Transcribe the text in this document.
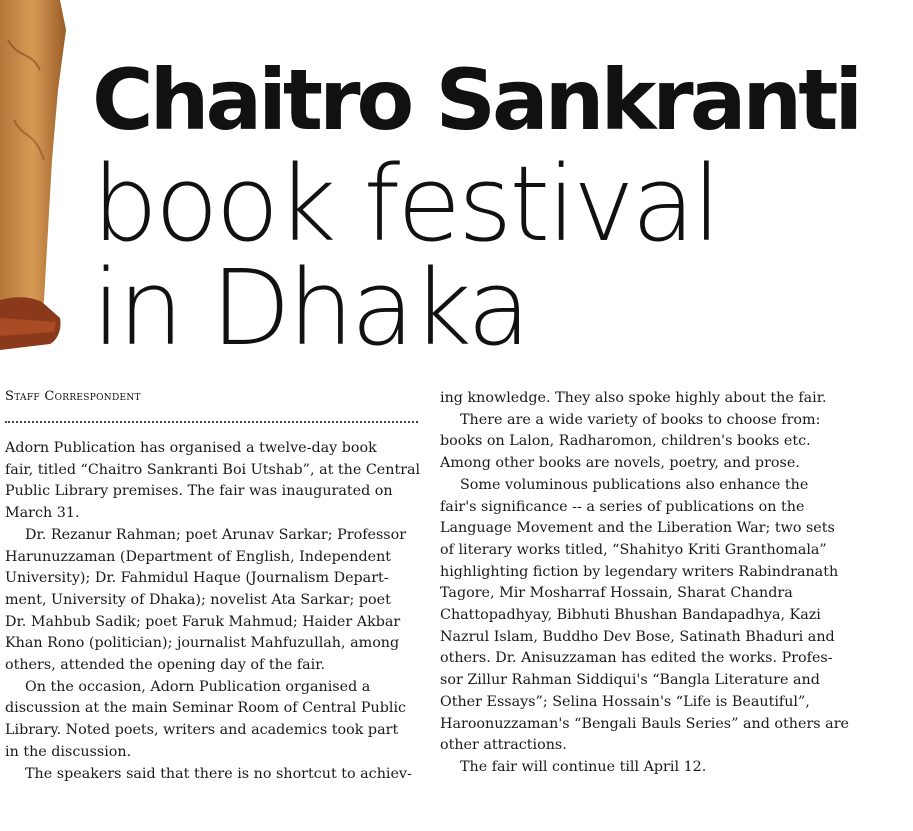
Chaitro Sankranti
book festival
in Dhaka
Staff Correspondent
Adorn Publication has organised a twelve-day book
fair, titled “Chaitro Sankranti Boi Utshab”, at the Central
Public Library premises. The fair was inaugurated on
March 31.
Dr. Rezanur Rahman; poet Arunav Sarkar; Professor
Harunuzzaman (Department of English, Independent
University); Dr. Fahmidul Haque (Journalism Depart-
ment, University of Dhaka); novelist Ata Sarkar; poet
Dr. Mahbub Sadik; poet Faruk Mahmud; Haider Akbar
Khan Rono (politician); journalist Mahfuzullah, among
others, attended the opening day of the fair.
On the occasion, Adorn Publication organised a
discussion at the main Seminar Room of Central Public
Library. Noted poets, writers and academics took part
in the discussion.
The speakers said that there is no shortcut to achiev-
ing knowledge. They also spoke highly about the fair.
There are a wide variety of books to choose from:
books on Lalon, Radharomon, children's books etc.
Among other books are novels, poetry, and prose.
Some voluminous publications also enhance the
fair's significance -- a series of publications on the
Language Movement and the Liberation War; two sets
of literary works titled, “Shahityo Kriti Granthomala”
highlighting fiction by legendary writers Rabindranath
Tagore, Mir Mosharraf Hossain, Sharat Chandra
Chattopadhyay, Bibhuti Bhushan Bandapadhya, Kazi
Nazrul Islam, Buddho Dev Bose, Satinath Bhaduri and
others. Dr. Anisuzzaman has edited the works. Profes-
sor Zillur Rahman Siddiqui's “Bangla Literature and
Other Essays”; Selina Hossain's “Life is Beautiful”,
Haroonuzzaman's “Bengali Bauls Series” and others are
other attractions.
The fair will continue till April 12.
